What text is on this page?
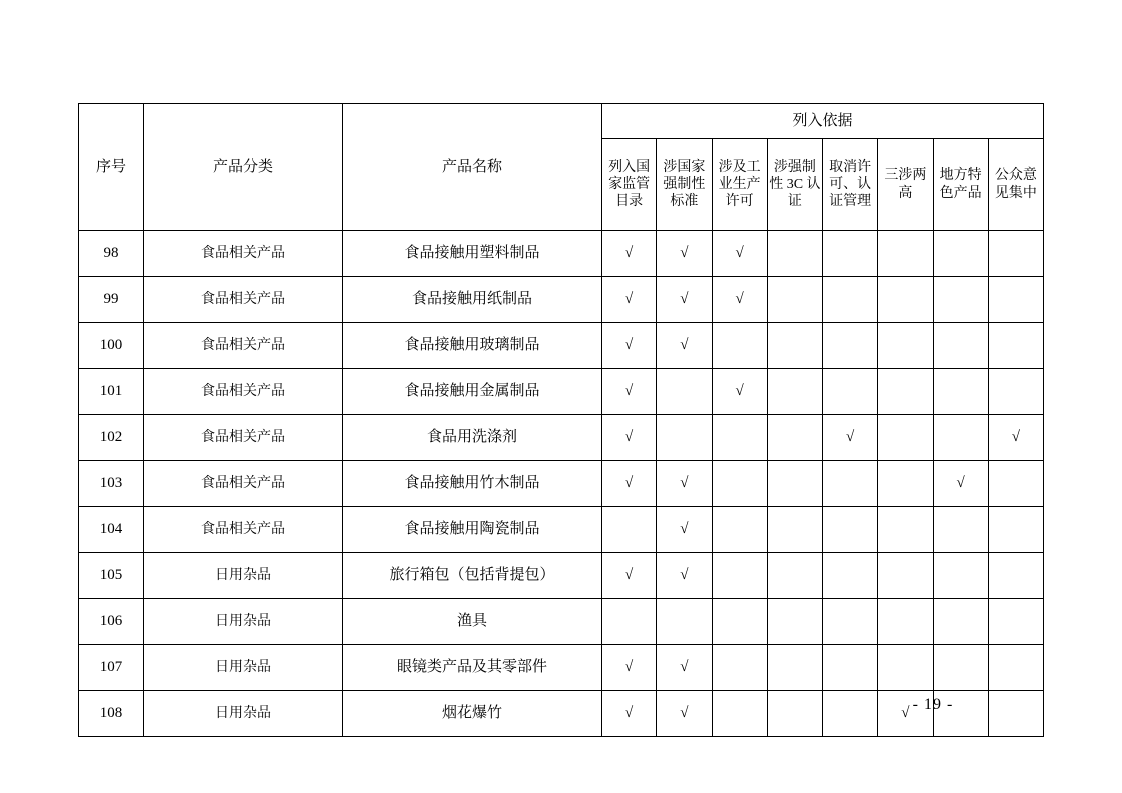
序号	产品分类	产品名称	列入依据							
			列入国家监管目录	涉国家强制性标准	涉及工业生产许可	涉强制性 3C 认证	取消许可、认证管理	三涉两高	地方特色产品	公众意见集中
98	食品相关产品	食品接触用塑料制品	√	√	√					
99	食品相关产品	食品接触用纸制品	√	√	√					
100	食品相关产品	食品接触用玻璃制品	√	√						
101	食品相关产品	食品接触用金属制品	√		√					
102	食品相关产品	食品用洗涤剂	√				√			√
103	食品相关产品	食品接触用竹木制品	√	√					√	
104	食品相关产品	食品接触用陶瓷制品		√						
105	日用杂品	旅行箱包（包括背提包）	√	√						
106	日用杂品	渔具								
107	日用杂品	眼镜类产品及其零部件	√	√						
108	日用杂品	烟花爆竹	√	√				√		
- 19 -
